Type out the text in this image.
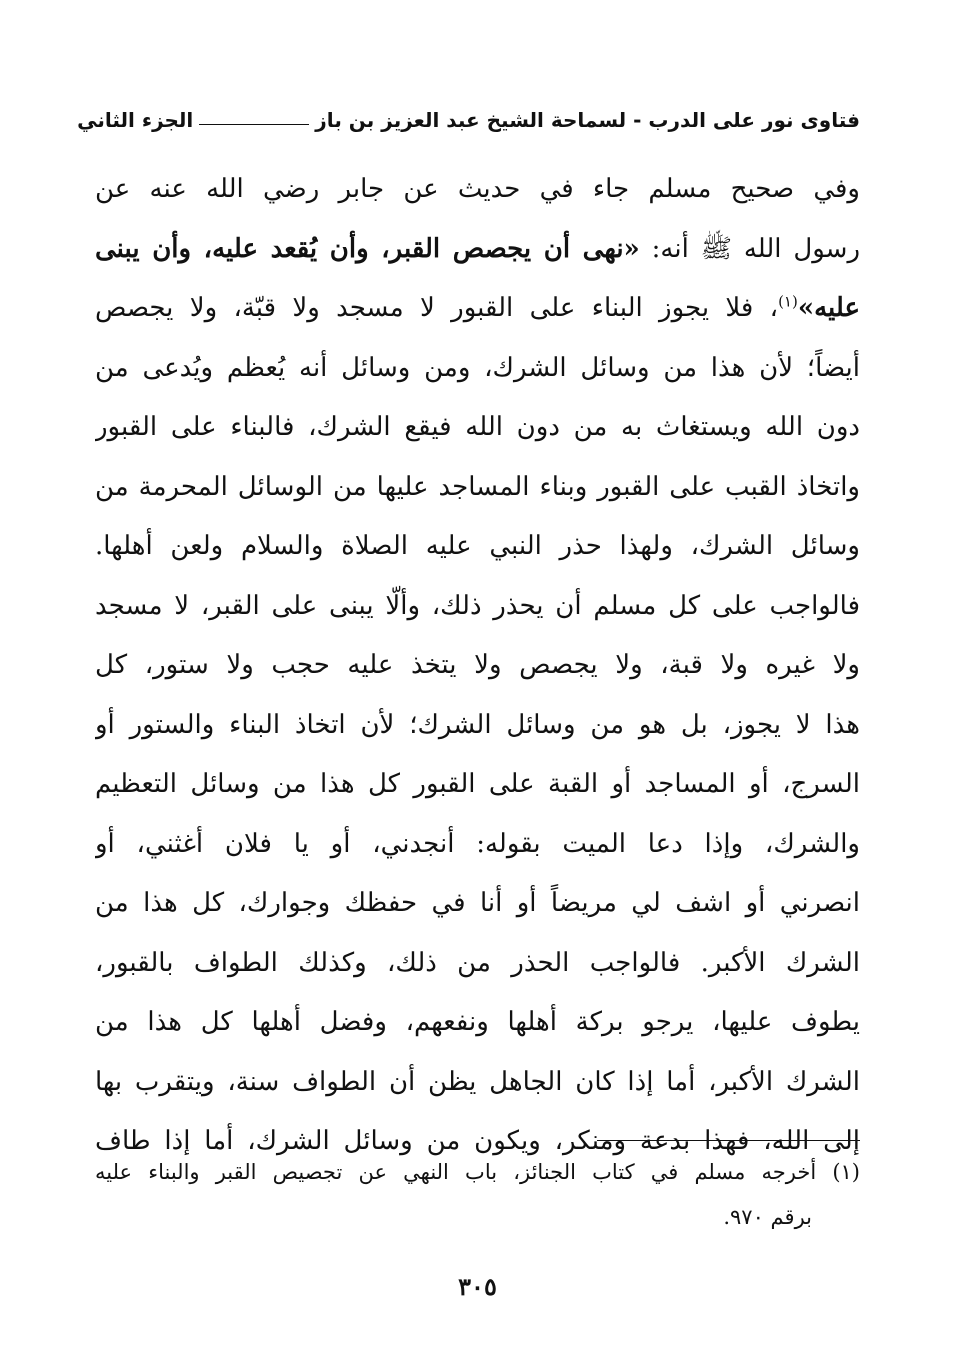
فتاوى نور على الدرب - لسماحة الشيخ عبد العزيز بن باز
الجزء الثاني
وفي صحيح مسلم جاء في حديث عن جابر رضي الله عنه عن
رسول الله ﷺ أنه: «نهى أن يجصص القبر، وأن يُقعد عليه، وأن يبنى
عليه»$^{(١)}$، فلا يجوز البناء على القبور لا مسجد ولا قبّة، ولا يجصص
أيضاً؛ لأن هذا من وسائل الشرك، ومن وسائل أنه يُعظم ويُدعى من
دون الله ويستغاث به من دون الله فيقع الشرك، فالبناء على القبور
واتخاذ القبب على القبور وبناء المساجد عليها من الوسائل المحرمة من
وسائل الشرك، ولهذا حذر النبي عليه الصلاة والسلام ولعن أهلها.
فالواجب على كل مسلم أن يحذر ذلك، وألّا يبنى على القبر، لا مسجد
ولا غيره ولا قبة، ولا يجصص ولا يتخذ عليه حجب ولا ستور، كل
هذا لا يجوز، بل هو من وسائل الشرك؛ لأن اتخاذ البناء والستور أو
السرج، أو المساجد أو القبة على القبور كل هذا من وسائل التعظيم
والشرك، وإذا دعا الميت بقوله: أنجدني، أو يا فلان أغثني، أو
انصرني أو اشف لي مريضاً أو أنا في حفظك وجوارك، كل هذا من
الشرك الأكبر. فالواجب الحذر من ذلك، وكذلك الطواف بالقبور،
يطوف عليها، يرجو بركة أهلها ونفعهم، وفضل أهلها كل هذا من
الشرك الأكبر، أما إذا كان الجاهل يظن أن الطواف سنة، ويتقرب بها
إلى الله، فهذا بدعة ومنكر، ويكون من وسائل الشرك، أما إذا طاف
(١) أخرجه مسلم في كتاب الجنائز، باب النهي عن تجصيص القبر والبناء عليه
برقم ٩٧٠.
٣٠٥
